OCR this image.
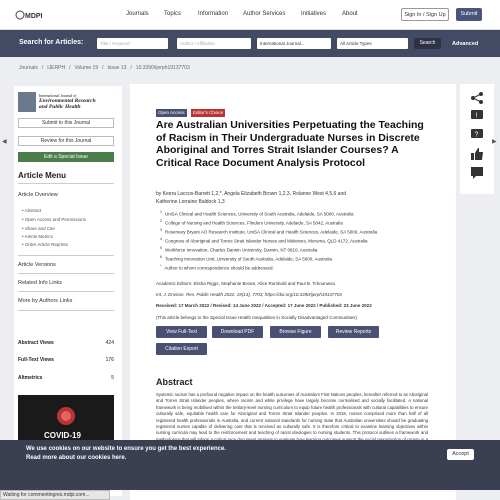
MDPI	Journals	Topics	Information Author Services	Initiatives	About	Sign In / Sign Up	Submit
Search for Articles:	Title / Keyword	Author / Affiliation	International Journal...	All Article Types	Search	Advanced
Journals / IJERPH / Volume 19 / Issue 13 / 10.3390/ijerph19137703
International Journal of
Environmental Research
and Public Health
Submit to this Journal
Review for this Journal
Edit a Special Issue
Article Menu
Article Overview
• Abstract
• Open Access and Permissions
• Share and Cite
• Article Metrics
• Order Article Reprints
Article Versions
Related Info Links
More by Authors Links
Abstract Views	424
Full-Text Views	176
Altmetrics	5
COVID-19
Open Access	Editor's Choice
Are Australian Universities Perpetuating the Teaching of Racism in Their Undergraduate Nurses in Discrete Aboriginal and Torres Strait Islander Courses? A Critical Race Document Analysis Protocol
by Keera Laccos-Barrett 1,2,*, Angela Elizabeth Brown 1,2,3, Rolanne West 4,5,6 and
Katherine Lorraine Baldock 1,3
$^1$ UniSA Clinical and Health Sciences, University of South Australia, Adelaide, SA 5000, Australia
$^2$ College of Nursing and Health Sciences, Flinders University, Adelaide, SA 5042, Australia
$^3$ Rosemary Bryant AO Research Institute, UniSA Clinical and Health Sciences, Adelaide, SA 5000, Australia
$^4$ Congress of Aboriginal and Torres Strait Islander Nurses and Midwives, Moruma, QLD 4172, Australia
$^5$ Workforce Innovation, Charles Darwin University, Darwin, NT 0810, Australia
$^6$ Teaching Innovation Unit, University of South Australia, Adelaide, SA 5000, Australia
* Author to whom correspondence should be addressed.
Academic Editors: Elisha Riggs, Stephanie Brown, Alice Rumbold and Paul B. Tchounwou
Int. J. Environ. Res. Public Health 2022, 19(13), 7703; https://doi.org/10.3390/ijerph19137703
Received: 17 March 2022 / Revised: 14 June 2022 / Accepted: 17 June 2022 / Published: 23 June 2022
(This article belongs to the Special Issue Health Inequalities in Socially Disadvantaged Communities)
View Full-Text	Download PDF	Browse Figure	Review Reports
Citation Export
Abstract

Systemic racism has a profound negative impact on the health outcomes of Australia's First Nations peoples, hereafter referred to as Aboriginal and Torres Strait Islander peoples, where racism and white privilege have largely become normalised and socially facilitated. A national framework is being mobilised within the tertiary-level nursing curriculum to equip future health professionals with cultural capabilities to ensure culturally safe, equitable health care for Aboriginal and Torres Strait Islander peoples. In 2019, nurses comprised more than half of all registered health professionals in Australia, and current national standards for nursing state that Australian universities should be graduating registered nurses capable of delivering care that is received as culturally safe. It is therefore critical to examine learning objectives within nursing curricula may lead to the reinforcement and teaching of racist ideologies to nursing students. This protocol outlines a framework and

!
?
◀	▶
We use cookies on our website to ensure you get the best experience.
Read more about our cookies here.
Accept
Waiting for commentingres.mdpi.com...
